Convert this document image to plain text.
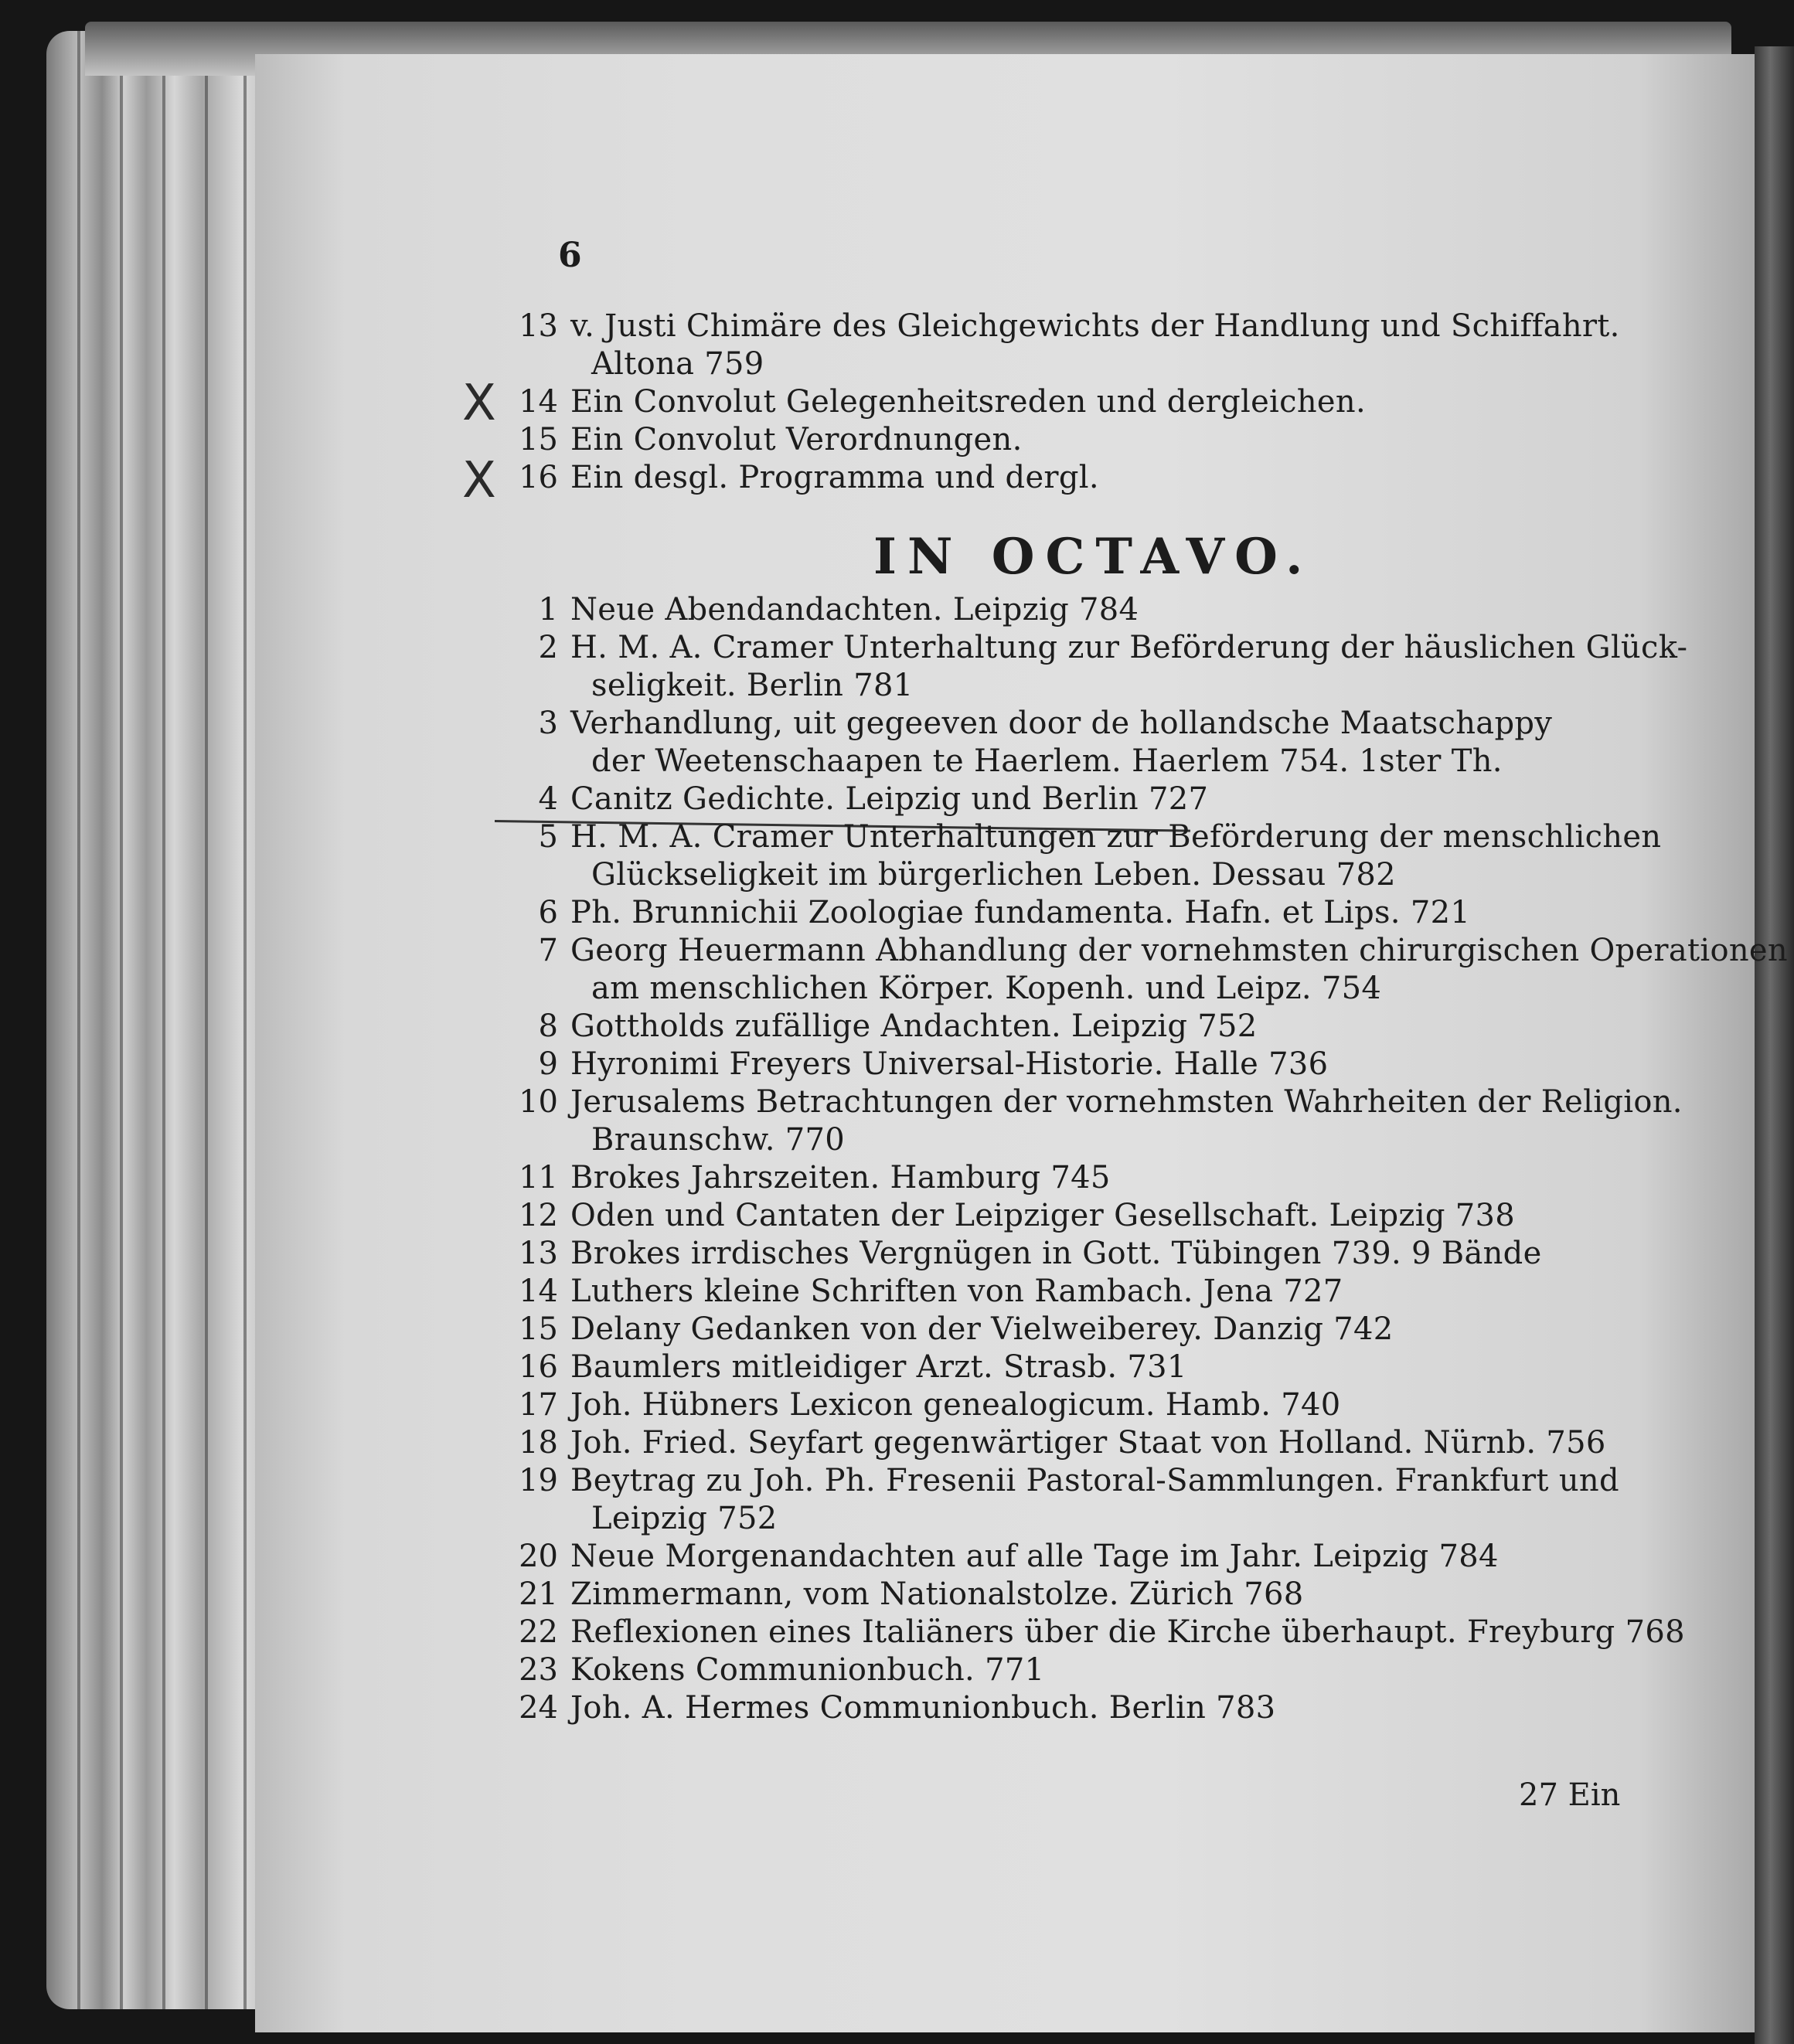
6
IN OCTAVO.
X
X
27 Ein
13 v. Justi Chimäre des Gleichgewichts der Handlung und Schiffahrt.
Altona 759
14 Ein Convolut Gelegenheitsreden und dergleichen.
15 Ein Convolut Verordnungen.
16 Ein desgl. Programma und dergl.
1 Neue Abendandachten. Leipzig 784
2 H. M. A. Cramer Unterhaltung zur Beförderung der häuslichen Glück-
seligkeit. Berlin 781
3 Verhandlung, uit gegeeven door de hollandsche Maatschappy
der Weetenschaapen te Haerlem. Haerlem 754. 1ster Th.
4 Canitz Gedichte. Leipzig und Berlin 727
5 H. M. A. Cramer Unterhaltungen zur Beförderung der menschlichen
Glückseligkeit im bürgerlichen Leben. Dessau 782
6 Ph. Brunnichii Zoologiae fundamenta. Hafn. et Lips. 721
7 Georg Heuermann Abhandlung der vornehmsten chirurgischen Operationen
am menschlichen Körper. Kopenh. und Leipz. 754
8 Gottholds zufällige Andachten. Leipzig 752
9 Hyronimi Freyers Universal-Historie. Halle 736
10 Jerusalems Betrachtungen der vornehmsten Wahrheiten der Religion.
Braunschw. 770
11 Brokes Jahrszeiten. Hamburg 745
12 Oden und Cantaten der Leipziger Gesellschaft. Leipzig 738
13 Brokes irrdisches Vergnügen in Gott. Tübingen 739. 9 Bände
14 Luthers kleine Schriften von Rambach. Jena 727
15 Delany Gedanken von der Vielweiberey. Danzig 742
16 Baumlers mitleidiger Arzt. Strasb. 731
17 Joh. Hübners Lexicon genealogicum. Hamb. 740
18 Joh. Fried. Seyfart gegenwärtiger Staat von Holland. Nürnb. 756
19 Beytrag zu Joh. Ph. Fresenii Pastoral-Sammlungen. Frankfurt und
Leipzig 752
20 Neue Morgenandachten auf alle Tage im Jahr. Leipzig 784
21 Zimmermann, vom Nationalstolze. Zürich 768
22 Reflexionen eines Italiäners über die Kirche überhaupt. Freyburg 768
23 Kokens Communionbuch. 771
24 Joh. A. Hermes Communionbuch. Berlin 783
